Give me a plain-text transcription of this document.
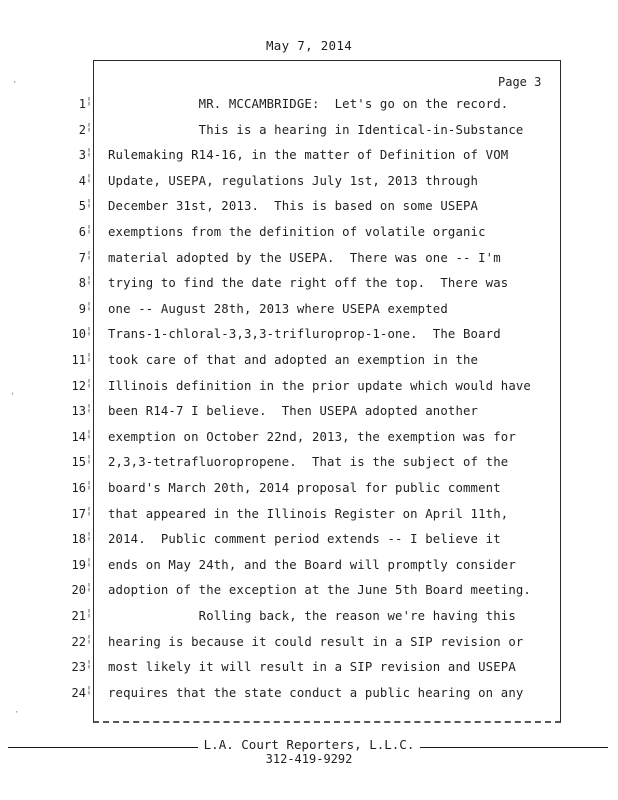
May 7, 2014
Page 3
1 ¦ MR. MCCAMBRIDGE:  Let's go on the record.
2 ¦ This is a hearing in Identical-in-Substance
3 ¦ Rulemaking R14-16, in the matter of Definition of VOM
4 ¦ Update, USEPA, regulations July 1st, 2013 through
5 ¦ December 31st, 2013.  This is based on some USEPA
6 ¦ exemptions from the definition of volatile organic
7 ¦ material adopted by the USEPA.  There was one -- I'm
8 ¦ trying to find the date right off the top.  There was
9 ¦ one -- August 28th, 2013 where USEPA exempted
10 ¦ Trans-1-chloral-3,3,3-trifluroprop-1-one.  The Board
11 ¦ took care of that and adopted an exemption in the
12 ¦ Illinois definition in the prior update which would have
13 ¦ been R14-7 I believe.  Then USEPA adopted another
14 ¦ exemption on October 22nd, 2013, the exemption was for
15 ¦ 2,3,3-tetrafluoropropene.  That is the subject of the
16 ¦ board's March 20th, 2014 proposal for public comment
17 ¦ that appeared in the Illinois Register on April 11th,
18 ¦ 2014.  Public comment period extends -- I believe it
19 ¦ ends on May 24th, and the Board will promptly consider
20 ¦ adoption of the exception at the June 5th Board meeting.
21 ¦ Rolling back, the reason we're having this
22 ¦ hearing is because it could result in a SIP revision or
23 ¦ most likely it will result in a SIP revision and USEPA
24 ¦ requires that the state conduct a public hearing on any
L.A. Court Reporters, L.L.C.
312-419-9292
·
'
·
